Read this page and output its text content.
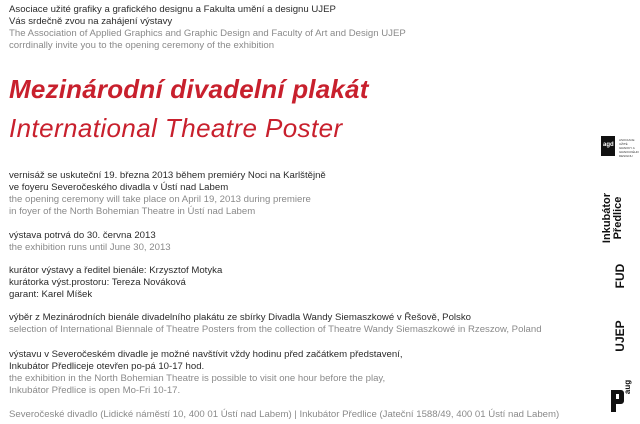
Asociace užité grafiky a grafického designu a Fakulta umění a designu UJEP
Vás srdečně zvou na zahájení výstavy
The Association of Applied Graphics and Graphic Design and Faculty of Art and Design UJEP
corrdinally invite you to the opening ceremony of the exhibition
Mezinárodní divadelní plakát
International Theatre Poster
vernisáž se uskuteční 19. března 2013 během premiéry Noci na Karlštějně
ve foyeru Severočeského divadla v Ústí nad Labem
the opening ceremony will take place on April 19, 2013 during premiere
in foyer of the North Bohemian Theatre in Ústí nad Labem
výstava potrvá do 30. června 2013
the exhibition runs until June 30, 2013
kurátor výstavy a ředitel bienále: Krzysztof Motyka
kurátorka výst.prostoru: Tereza Nováková
garant: Karel Míšek
výběr z Mezinárodních bienále divadelního plakátu ze sbírky Divadla Wandy Siemaszkowé v Řešově, Polsko
selection of International Biennale of Theatre Posters from the collection of Theatre Wandy Siemaszkowé in Rzeszow, Poland
výstavu v Severočeském divadle je možné navštívit vždy hodinu před začátkem představení,
Inkubátor Předliceje otevřen po-pá 10-17 hod.
the exhibition in the North Bohemian Theatre is possible to visit one hour before the play,
Inkubátor Předlice is open Mo-Fri 10-17.
Severočeské divadlo (Lidické náměstí 10, 400 01 Ústí nad Labem) | Inkubátor Předlice (Jateční 1588/49, 400 01 Ústí nad Labem)
agd
ASOCIACE UŽITÉ GRAFIKY A GRAFICKÉHO DESIGNU
Inkubátor Předlice
FUD
UJEP
aug
